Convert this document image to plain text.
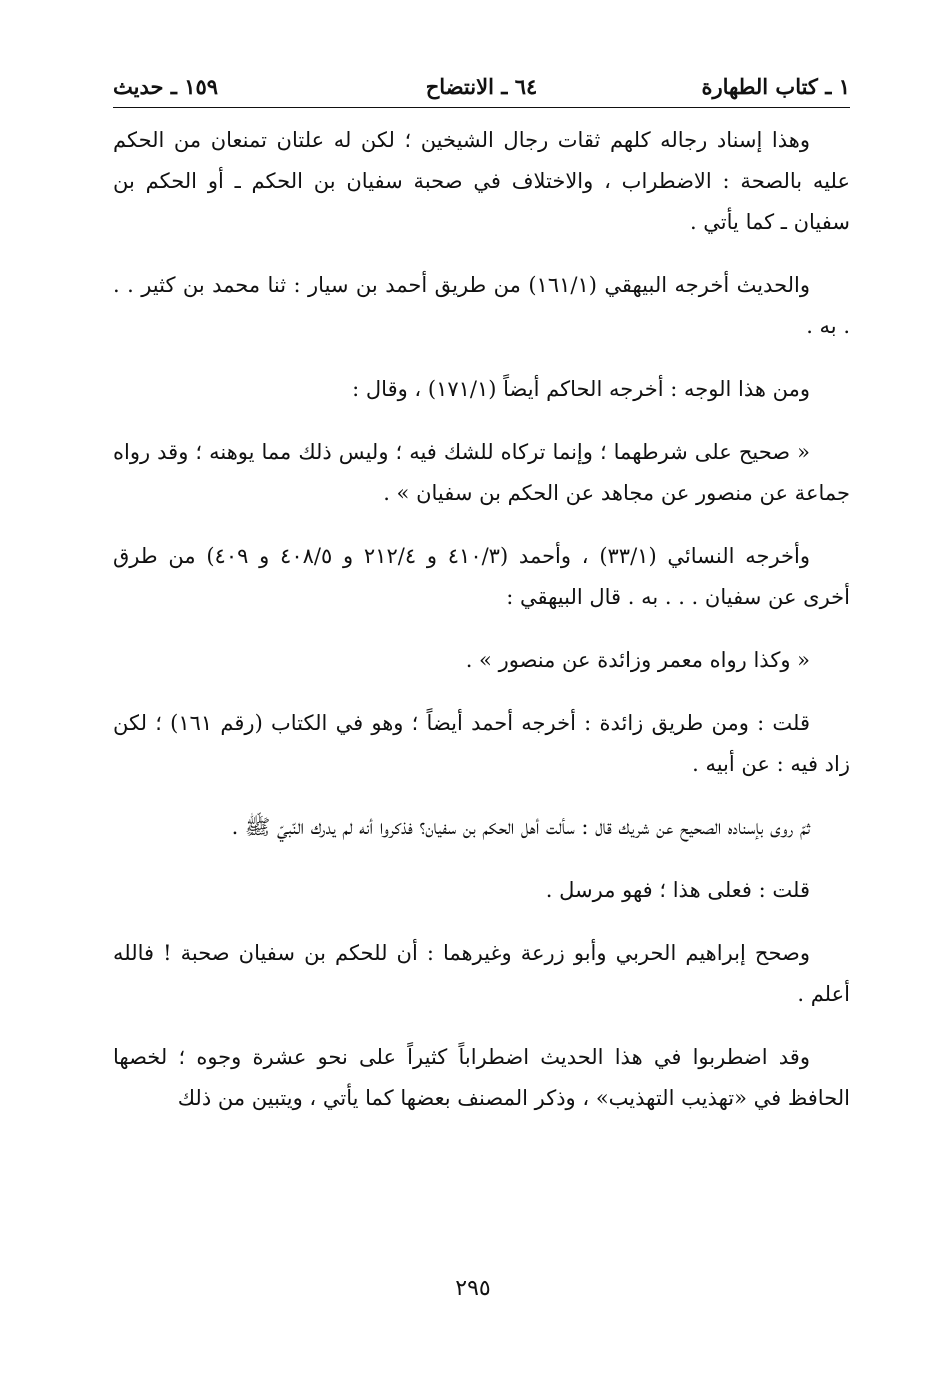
١ ـ كتاب الطهارة
٦٤ ـ الانتضاح
١٥٩ ـ حديث

وهذا إسناد رجاله كلهم ثقات رجال الشيخين ؛ لكن له علتان تمنعان من الحكم عليه بالصحة : الاضطراب ، والاختلاف في صحبة سفيان بن الحكم ـ أو الحكم بن سفيان ـ كما يأتي .

والحديث أخرجه البيهقي (١٦١/١) من طريق أحمد بن سيار : ثنا محمد بن كثير . . . به .

ومن هذا الوجه : أخرجه الحاكم أيضاً (١٧١/١) ، وقال :

« صحيح على شرطهما ؛ وإنما تركاه للشك فيه ؛ وليس ذلك مما يوهنه ؛ وقد رواه جماعة عن منصور عن مجاهد عن الحكم بن سفيان » .

وأخرجه النسائي (٣٣/١) ، وأحمد (٤١٠/٣ و ٢١٢/٤ و ٤٠٨/٥ و ٤٠٩) من طرق أخرى عن سفيان . . . به . قال البيهقي :

« وكذا رواه معمر وزائدة عن منصور » .

قلت : ومن طريق زائدة : أخرجه أحمد أيضاً ؛ وهو في الكتاب (رقم ١٦١) ؛ لكن زاد فيه : عن أبيه .

ثمّ روى بإسناده الصحيح عن شريك قال : سألت أهل الحكم بن سفيان؟ فذكروا أنه لم يدرك النّبيّ ﷺ .

قلت : فعلى هذا ؛ فهو مرسل .

وصحح إبراهيم الحربي وأبو زرعة وغيرهما : أن للحكم بن سفيان صحبة ! فالله أعلم .

وقد اضطربوا في هذا الحديث اضطراباً كثيراً على نحو عشرة وجوه ؛ لخصها الحافظ في «تهذيب التهذيب» ، وذكر المصنف بعضها كما يأتي ، ويتبين من ذلك

٢٩٥
